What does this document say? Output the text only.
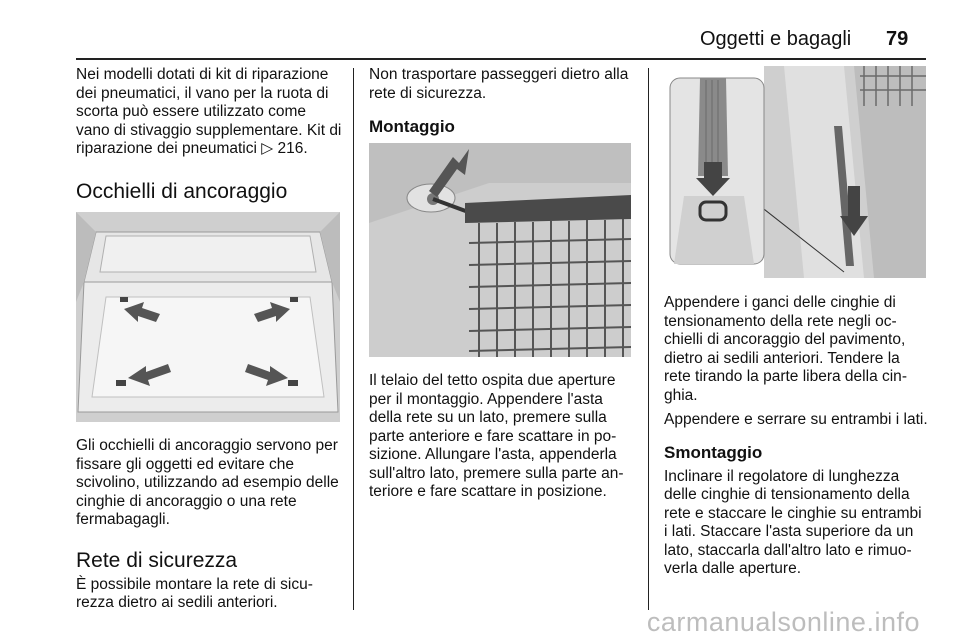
Oggetti e bagagli 79

Nei modelli dotati di kit di riparazione dei pneumatici, il vano per la ruota di scorta può essere utilizzato come vano di stivaggio supplementare. Kit di riparazione dei pneumatici ▷ 216.

Occhielli di ancoraggio

Gli occhielli di ancoraggio servono per fissare gli oggetti ed evitare che scivolino, utilizzando ad esempio delle cinghie di ancoraggio o una rete fermabagagli.

Rete di sicurezza

È possibile montare la rete di sicurezza dietro ai sedili anteriori.

Non trasportare passeggeri dietro alla rete di sicurezza.

Montaggio

Il telaio del tetto ospita due aperture per il montaggio. Appendere l'asta della rete su un lato, premere sulla parte anteriore e fare scattare in posizione. Allungare l'asta, appenderla sull'altro lato, premere sulla parte anteriore e fare scattare in posizione.

Appendere i ganci delle cinghie di tensionamento della rete negli occhielli di ancoraggio del pavimento, dietro ai sedili anteriori. Tendere la rete tirando la parte libera della cinghia.

Appendere e serrare su entrambi i lati.

Smontaggio

Inclinare il regolatore di lunghezza delle cinghie di tensionamento della rete e staccare le cinghie su entrambi i lati. Staccare l'asta superiore da un lato, staccarla dall'altro lato e rimuoverla dalle aperture.

carmanualsonline.info
